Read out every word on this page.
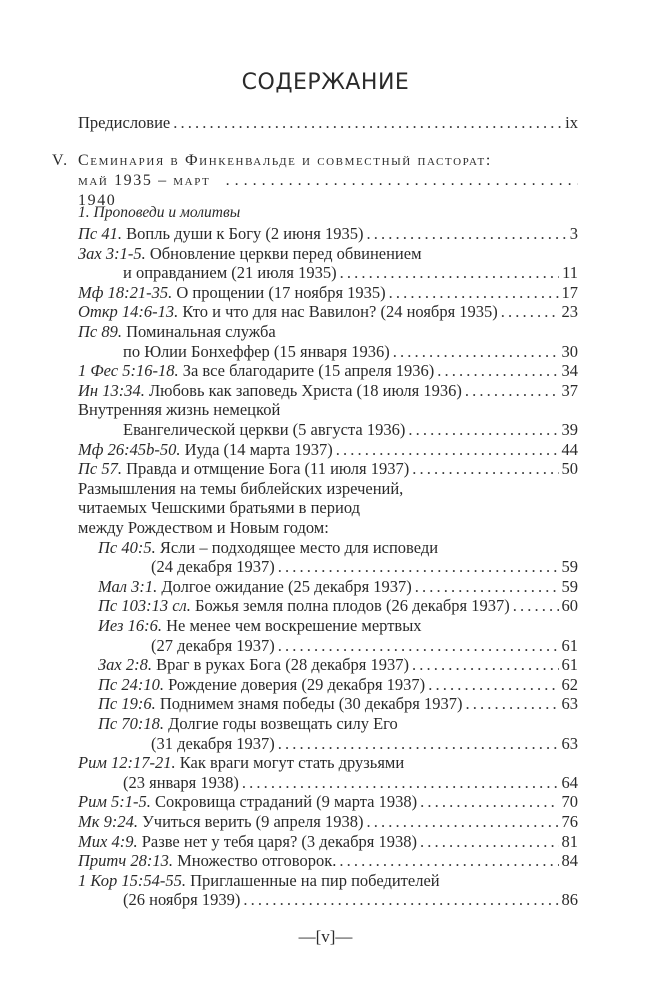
СОДЕРЖАНИЕ
Предисловие . . .	ix
V. Семинария в Финкенвальде и совместный пасторат:
май 1935 – март 1940
. . .
1. Проповеди и молитвы
Пс 41. Вопль души к Богу (2 июня 1935) . . .	3
Зах 3:1-5. Обновление церкви перед обвинением
и оправданием (21 июля 1935) . . .	11
Мф 18:21-35. О прощении (17 ноября 1935) . . .	17
Откр 14:6-13. Кто и что для нас Вавилон? (24 ноября 1935) . . .	23
Пс 89. Поминальная служба
по Юлии Бонхеффер (15 января 1936) . . .	30
1 Фес 5:16-18. За все благодарите (15 апреля 1936) . . .	34
Ин 13:34. Любовь как заповедь Христа (18 июля 1936) . . .	37
Внутренняя жизнь немецкой
Евангелической церкви (5 августа 1936) . . .	39
Мф 26:45b-50. Иуда (14 марта 1937) . . .	44
Пс 57. Правда и отмщение Бога (11 июля 1937) . . .	50
Размышления на темы библейских изречений,
читаемых Чешскими братьями в период
между Рождеством и Новым годом:
Пс 40:5. Ясли – подходящее место для исповеди
(24 декабря 1937) . . .	59
Мал 3:1. Долгое ожидание (25 декабря 1937) . . .	59
Пс 103:13 сл. Божья земля полна плодов (26 декабря 1937) . . .	60
Иез 16:6. Не менее чем воскрешение мертвых
(27 декабря 1937) . . .	61
Зах 2:8. Враг в руках Бога (28 декабря 1937) . . .	61
Пс 24:10. Рождение доверия (29 декабря 1937) . . .	62
Пс 19:6. Поднимем знамя победы (30 декабря 1937) . . .	63
Пс 70:18. Долгие годы возвещать силу Его
(31 декабря 1937) . . .	63
Рим 12:17-21. Как враги могут стать друзьями
(23 января 1938) . . .	64
Рим 5:1-5. Сокровища страданий (9 марта 1938) . . .	70
Мк 9:24. Учиться верить (9 апреля 1938) . . .	76
Мих 4:9. Разве нет у тебя царя? (3 декабря 1938) . . .	81
Притч 28:13. Множество отговорок. . . .	84
1 Кор 15:54-55. Приглашенные на пир победителей
(26 ноября 1939) . . .	86
—[v]—
